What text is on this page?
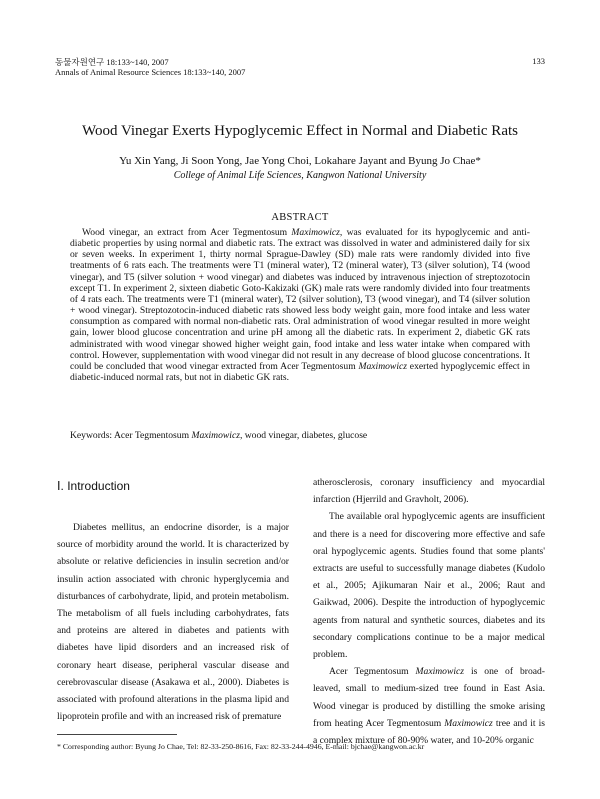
동물자원연구 18:133~140, 2007
Annals of Animal Resource Sciences 18:133~140, 2007
133
Wood Vinegar Exerts Hypoglycemic Effect in Normal and Diabetic Rats
Yu Xin Yang, Ji Soon Yong, Jae Yong Choi, Lokahare Jayant and Byung Jo Chae*
College of Animal Life Sciences, Kangwon National University
ABSTRACT

Wood vinegar, an extract from Acer Tegmentosum Maximowicz, was evaluated for its hypoglycemic and anti-diabetic properties by using normal and diabetic rats. The extract was dissolved in water and administered daily for six or seven weeks. In experiment 1, thirty normal Sprague-Dawley (SD) male rats were randomly divided into five treatments of 6 rats each. The treatments were T1 (mineral water), T2 (mineral water), T3 (silver solution), T4 (wood vinegar), and T5 (silver solution + wood vinegar) and diabetes was induced by intravenous injection of streptozotocin except T1. In experiment 2, sixteen diabetic Goto-Kakizaki (GK) male rats were randomly divided into four treatments of 4 rats each. The treatments were T1 (mineral water), T2 (silver solution), T3 (wood vinegar), and T4 (silver solution + wood vinegar). Streptozotocin-induced diabetic rats showed less body weight gain, more food intake and less water consumption as compared with normal non-diabetic rats. Oral administration of wood vinegar resulted in more weight gain, lower blood glucose concentration and urine pH among all the diabetic rats. In experiment 2, diabetic GK rats administrated with wood vinegar showed higher weight gain, food intake and less water intake when compared with control. However, supplementation with wood vinegar did not result in any decrease of blood glucose concentrations. It could be concluded that wood vinegar extracted from Acer Tegmentosum Maximowicz exerted hypoglycemic effect in diabetic-induced normal rats, but not in diabetic GK rats.

Keywords: Acer Tegmentosum Maximowicz, wood vinegar, diabetes, glucose
Ⅰ. Introduction

Diabetes mellitus, an endocrine disorder, is a major source of morbidity around the world. It is characterized by absolute or relative deficiencies in insulin secretion and/or insulin action associated with chronic hyperglycemia and disturbances of carbohydrate, lipid, and protein metabolism. The metabolism of all fuels including carbohydrates, fats and proteins are altered in diabetes and patients with diabetes have lipid disorders and an increased risk of coronary heart disease, peripheral vascular disease and cerebrovascular disease (Asakawa et al., 2000). Diabetes is associated with profound alterations in the plasma lipid and lipoprotein profile and with an increased risk of premature

atherosclerosis, coronary insufficiency and myocardial infarction (Hjerrild and Gravholt, 2006).

The available oral hypoglycemic agents are insufficient and there is a need for discovering more effective and safe oral hypoglycemic agents. Studies found that some plants' extracts are useful to successfully manage diabetes (Kudolo et al., 2005; Ajikumaran Nair et al., 2006; Raut and Gaikwad, 2006). Despite the introduction of hypoglycemic agents from natural and synthetic sources, diabetes and its secondary complications continue to be a major medical problem.

Acer Tegmentosum Maximowicz is one of broad-leaved, small to medium-sized tree found in East Asia. Wood vinegar is produced by distilling the smoke arising from heating Acer Tegmentosum Maximowicz tree and it is a complex mixture of 80-90% water, and 10-20% organic

* Corresponding author: Byung Jo Chae, Tel: 82-33-250-8616, Fax: 82-33-244-4946, E-mail: bjchae@kangwon.ac.kr
